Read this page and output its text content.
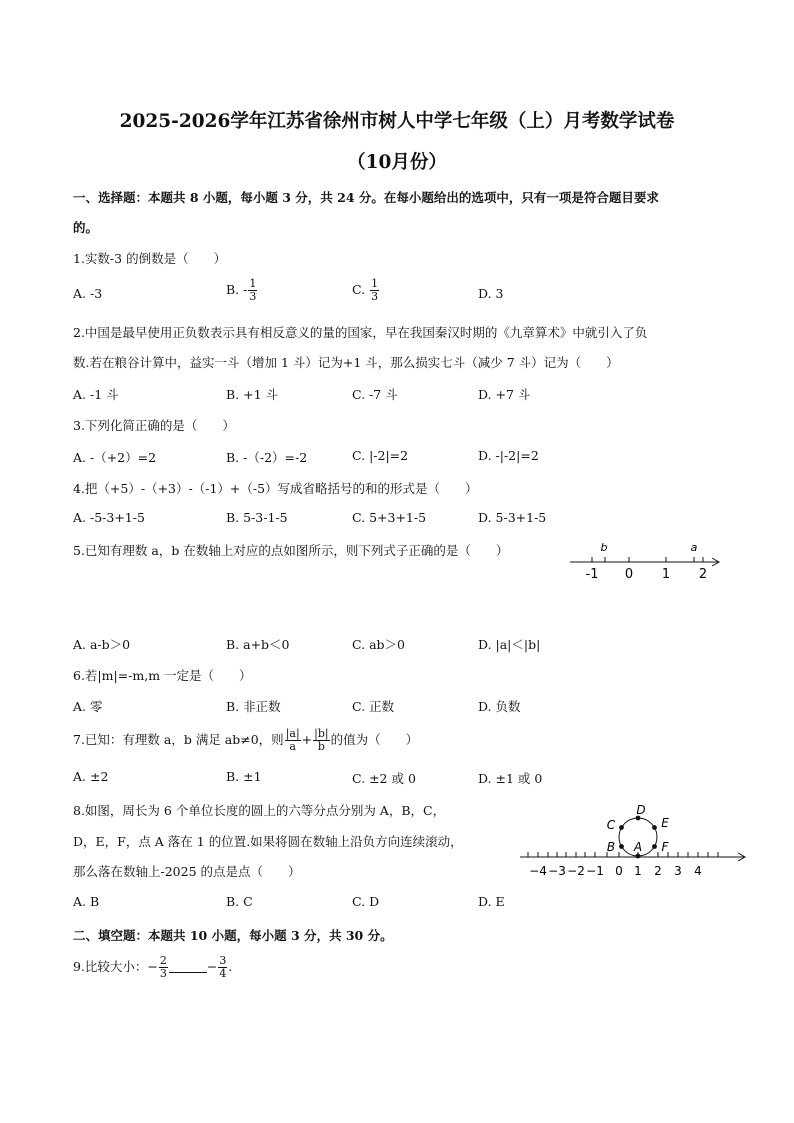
2025-2026学年江苏省徐州市树人中学七年级（上）月考数学试卷
（10月份）
一、选择题：本题共 8 小题，每小题 3 分，共 24 分。在每小题给出的选项中，只有一项是符合题目要求
的。
1.实数-3 的倒数是（　　）
A. -3	B. - $\frac{1}{3}$	C. $\frac{1}{3}$	D. 3
2.中国是最早使用正负数表示具有相反意义的量的国家，早在我国秦汉时期的《九章算术》中就引入了负
数.若在粮谷计算中，益实一斗（增加 1 斗）记为+1 斗，那么损实七斗（减少 7 斗）记为（　　）
A. -1 斗	B. +1 斗	C. -7 斗	D. +7 斗
3.下列化简正确的是（　　）
A. -（+2）=2	B. -（-2）=-2	C. |-2|=2	D. -|-2|=2
4.把（+5）-（+3）-（-1）+（-5）写成省略括号的和的形式是（　　）
A. -5-3+1-5	B. 5-3-1-5	C. 5+3+1-5	D. 5-3+1-5
5.已知有理数 a，b 在数轴上对应的点如图所示，则下列式子正确的是（　　）	b	a
-1 0 1 2
A. a-b＞0	B. a+b＜0	C. ab＞0	D. |a|＜|b|
6.若|m|=-m,m 一定是（　　）
A. 零	B. 非正数	C. 正数	D. 负数
7.已知：有理数 a，b 满足 ab≠0，则 $\frac{|a|}{a} + \frac{|b|}{b}$ 的值为（　　）
A. ±2	B. ±1	C. ±2 或 0	D. ±1 或 0
8.如图，周长为 6 个单位长度的圆上的六等分点分别为 A，B，C，
D，E，F，点 A 落在 1 的位置.如果将圆在数轴上沿负方向连续滚动，
那么落在数轴上-2025 的点是点（　　）
A
B
C
D
E
F
−4 −3 −2 −1 0 1 2 3 4
A. B	B. C	C. D	D. E
二、填空题：本题共 10 小题，每小题 3 分，共 30 分。
9.比较大小：− $\frac{2}{3}$	− $\frac{3}{4}$ .
